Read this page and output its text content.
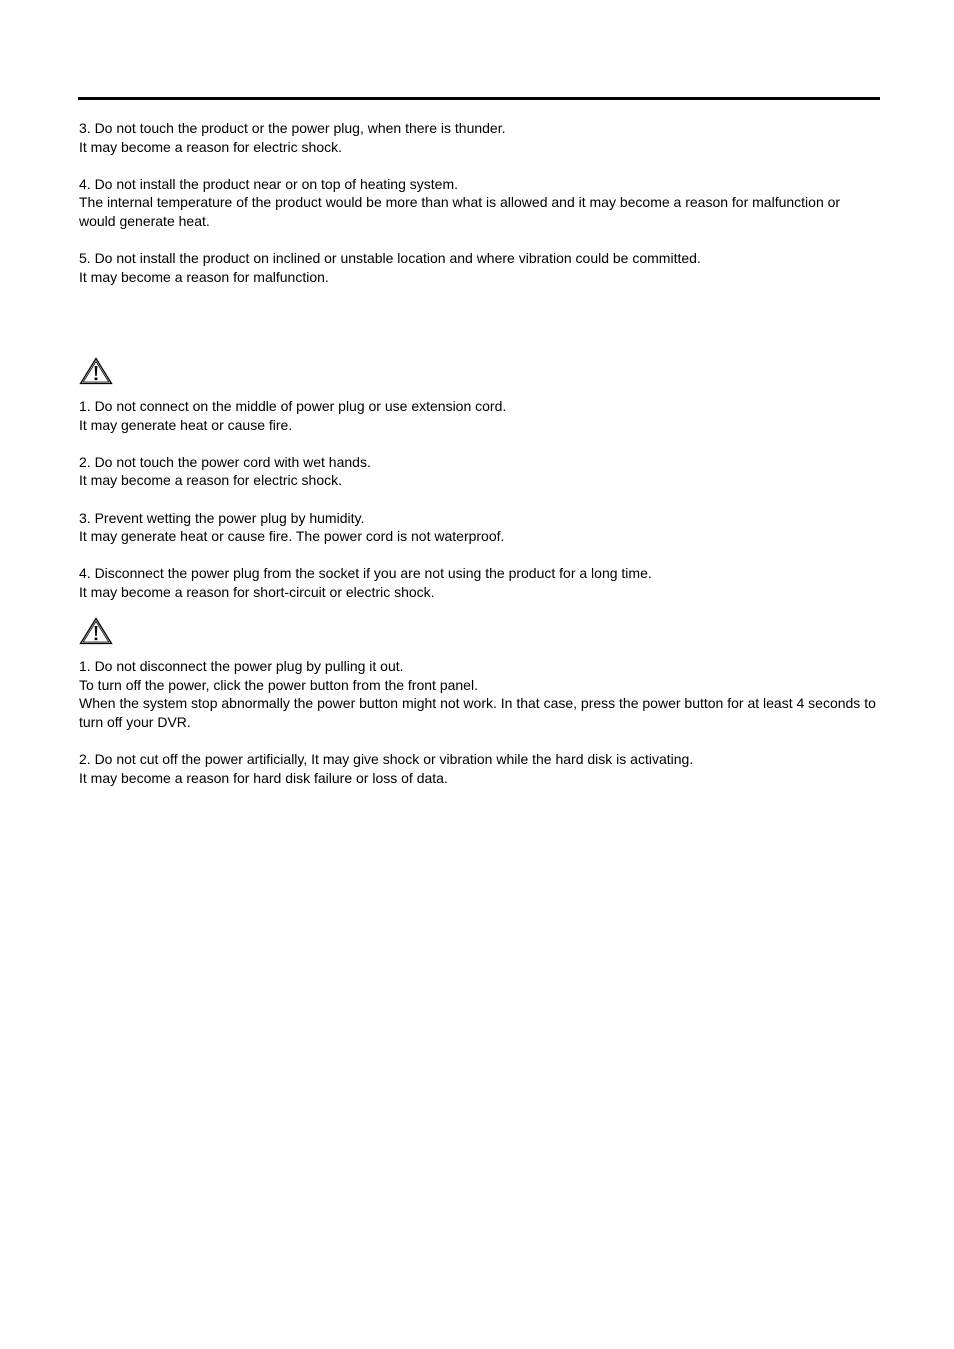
3. Do not touch the product or the power plug, when there is thunder.

It may become a reason for electric shock.

4. Do not install the product near or on top of heating system.

The internal temperature of the product would be more than what is allowed and it may become a reason for malfunction or would generate heat.

5. Do not install the product on inclined or unstable location and where vibration could be committed.

It may become a reason for malfunction.

1. Do not connect on the middle of power plug or use extension cord.

It may generate heat or cause fire.

2. Do not touch the power cord with wet hands.

It may become a reason for electric shock.

3. Prevent wetting the power plug by humidity.

It may generate heat or cause fire. The power cord is not waterproof.

4. Disconnect the power plug from the socket if you are not using the product for a long time.

It may become a reason for short-circuit or electric shock.

1. Do not disconnect the power plug by pulling it out.

To turn off the power, click the power button from the front panel.

When the system stop abnormally the power button might not work. In that case, press the power button for at least 4 seconds to turn off your DVR.

2. Do not cut off the power artificially, It may give shock or vibration while the hard disk is activating.

It may become a reason for hard disk failure or loss of data.
